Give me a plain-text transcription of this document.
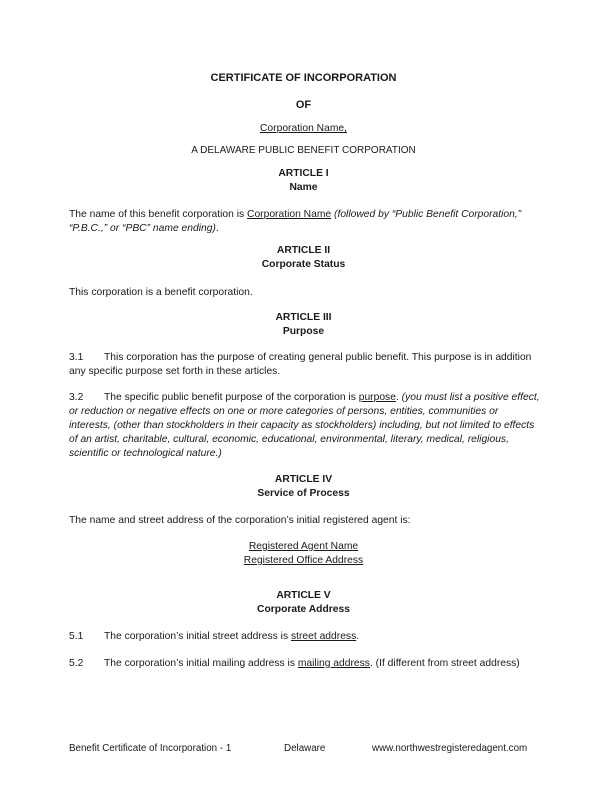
CERTIFICATE OF INCORPORATION
OF
Corporation Name,
A DELAWARE PUBLIC BENEFIT CORPORATION
ARTICLE I
Name
The name of this benefit corporation is Corporation Name (followed by “Public Benefit Corporation,” “P.B.C.,” or “PBC” name ending).
ARTICLE II
Corporate Status
This corporation is a benefit corporation.
ARTICLE III
Purpose
3.1 This corporation has the purpose of creating general public benefit. This purpose is in addition any specific purpose set forth in these articles.
3.2 The specific public benefit purpose of the corporation is purpose. (you must list a positive effect, or reduction or negative effects on one or more categories of persons, entities, communities or interests, (other than stockholders in their capacity as stockholders) including, but not limited to effects of an artist, charitable, cultural, economic, educational, environmental, literary, medical, religious, scientific or technological nature.)
ARTICLE IV
Service of Process
The name and street address of the corporation’s initial registered agent is:
Registered Agent Name
Registered Office Address
ARTICLE V
Corporate Address
5.1 The corporation’s initial street address is street address.
5.2 The corporation’s initial mailing address is mailing address. (If different from street address)
Benefit Certificate of Incorporation - 1	Delaware	www.northwestregisteredagent.com
